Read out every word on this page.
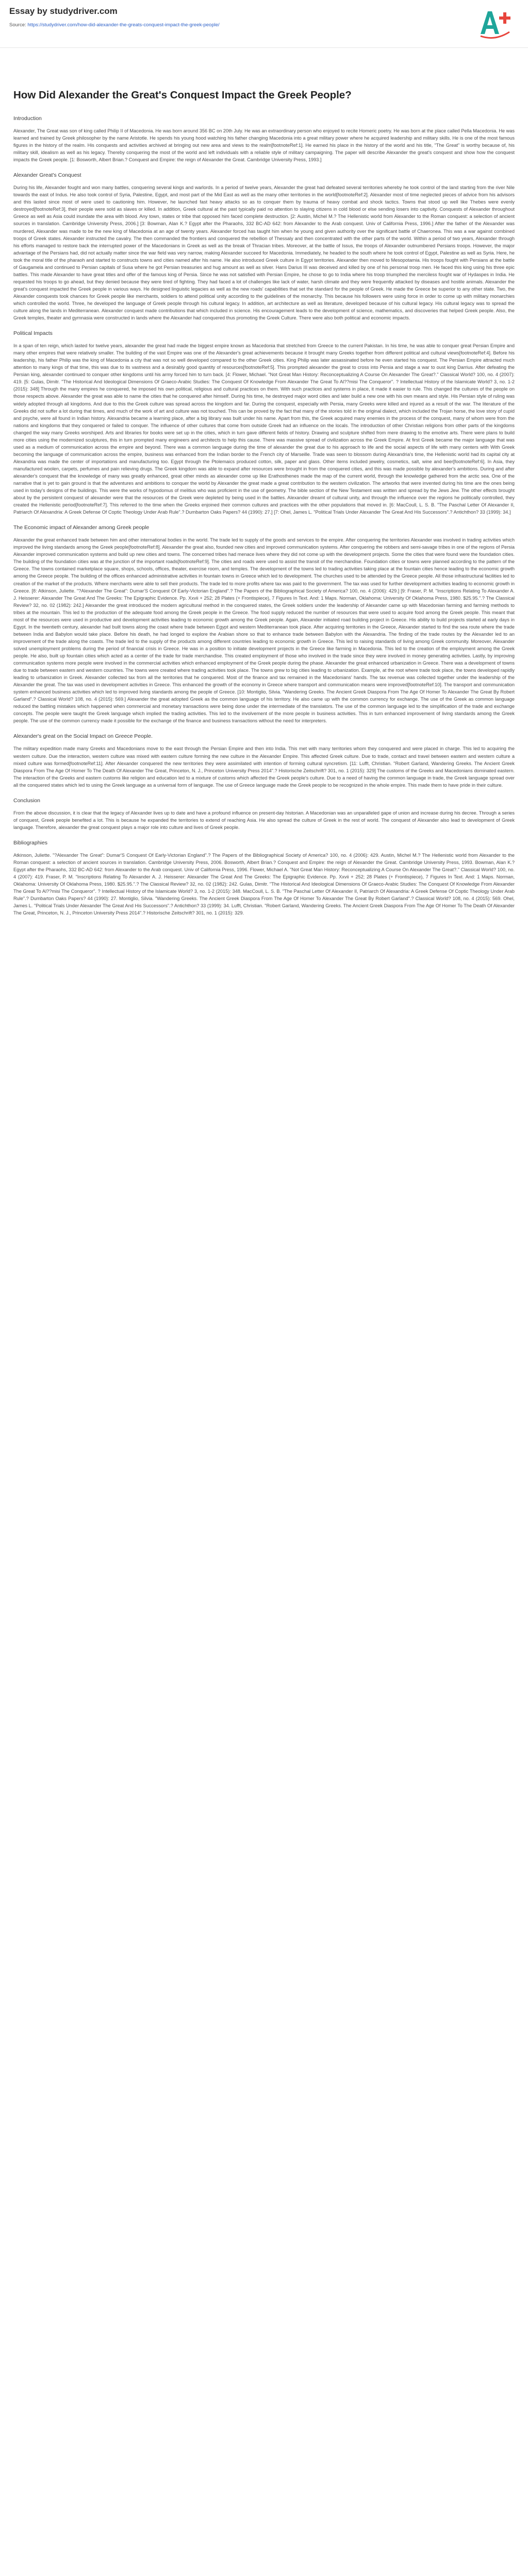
Essay by studydriver.com
Source: https://studydriver.com/how-did-alexander-the-greats-conquest-impact-the-greek-people/
How Did Alexander the Great's Conquest Impact the Greek People?
Introduction

Alexander, The Great was son of king called Philip II of Macedonia. He was born around 356 BC on 20th July. He was an extraordinary person who enjoyed to recite Homeric poetry. He was born at the place called Pella Macedonia. He was learned and trained by Greek philosopher by the name Aristotle. He spends his young hood watching his father changing Macedonia into a great military power where he acquired leadership and military skills. He is one of the most famous figures in the history of the realm. His conquests and activities archived at bringing out new area and views to the realm[footnoteRef:1]. He earned his place in the history of the world and his title, "The Great" is worthy because of, his military skill, idealism as well as his legacy. Thereby conquering the most of the world and left individuals with a reliable style of military campaigning. The paper will describe Alexander the great's conquest and show how the conquest impacts the Greek people. [1: Bosworth, Albert Brian.? Conquest and Empire: the reign of Alexander the Great. Cambridge University Press, 1993.]

Alexander Great's Conquest

During his life, Alexander fought and won many battles, conquering several kings and warlords. In a period of twelve years, Alexander the great had defeated several territories whereby he took control of the land starting from the river Nile towards the east of Indus. He also took control of Syria, Palestine, Egypt, and most part of the Mid East as well as the many other territories in the world[footnoteRef:2]. Alexander most of time neglected pieces of advice from his advisors and this lasted since most of were used to cautioning him. However, he launched fast heavy attacks so as to conquer them by trauma of heavy combat and shock tactics. Towns that stood up well like Thebes were evenly destroyed[footnoteRef:3], their people were sold as slaves or killed. In addition, Greek cultural at the past typically paid no attention to slaying citizens in cold blood or else sending losers into captivity. Conquests of Alexander throughout Greece as well as Asia could inundate the area with blood. Any town, states or tribe that opposed him faced complete destruction. [2: Austin, Michel M.? The Hellenistic world from Alexander to the Roman conquest: a selection of ancient sources in translation. Cambridge University Press, 2006.] [3: Bowman, Alan K.? Egypt after the Pharaohs, 332 BC-AD 642: from Alexander to the Arab conquest. Univ of California Press, 1996.] After the father of the Alexander was murdered, Alexander was made to be the new king of Macedonia at an age of twenty years. Alexander forced has taught him when he young and given authority over the significant battle of Chaeronea. This was a war against combined troops of Greek states. Alexander instructed the cavalry. The then commanded the frontiers and conquered the rebellion of Thessaly and then concentrated with the other parts of the world. Within a period of two years, Alexander through his efforts managed to restore back the interrupted power of the Macedonians in Greek as well as the break of Thracian tribes. Moreover, at the battle of Issus, the troops of Alexander outnumbered Persians troops. However, the major advantage of the Persians had, did not actually matter since the war field was very narrow, making Alexander succeed for Macedonia. Immediately, he headed to the south where he took control of Egypt, Palestine as well as Syria. Here, he took the moral title of the pharaoh and started to constructs towns and cities named after his name. He also introduced Greek culture in Egypt territories. Alexander then moved to Mesopotamia. His troops fought with Persians at the battle of Gaugamela and continued to Persian capitals of Susa where he got Persian treasuries and hug amount as well as silver. Hans Darius III was deceived and killed by one of his personal troop men. He faced this king using his three epic battles. This made Alexander to have great titles and offer of the famous king of Persia. Since he was not satisfied with Persian Empire, he chose to go to India where his troop triumphed the merciless fought war of Hydaspes in India. He requested his troops to go ahead, but they denied because they were tired of fighting. They had faced a lot of challenges like lack of water, harsh climate and they were frequently attacked by diseases and hostile animals. Alexander the great's conquest impacted the Greek people in various ways. He designed linguistic legacies as well as the new roads' capabilities that set the standard for the people of Greek. He made the Greece be superior to any other state. Two, the Alexander conquests took chances for Greek people like merchants, soldiers to attend political unity according to the guidelines of the monarchy. This because his followers were using force in order to come up with military monarchies which controlled the world. Three, he developed the language of Greek people through his cultural legacy. In addition, art architecture as well as literature, developed because of his cultural legacy. His cultural legacy was to spread the culture along the lands in Mediterranean. Alexander conquest made contributions that which included in science. His encouragement leads to the development of science, mathematics, and discoveries that helped Greek people. Also, the Greek temples, theater and gymnasia were constructed in lands where the Alexander had conquered thus promoting the Greek Culture. There were also both political and economic impacts.

Political Impacts

In a span of ten reign, which lasted for twelve years, alexander the great had made the biggest empire known as Macedonia that stretched from Greece to the current Pakistan. In his time, he was able to conquer great Persian Empire and many other empires that were relatively smaller. The building of the vast Empire was one of the Alexander's great achievements because it brought many Greeks together from different political and cultural views[footnoteRef:4]. Before his leadership, his father Philip was the king of Macedonia a city that was not so well developed compared to the other Greek cities. King Philip was later assassinated before he even started his conquest. The Persian Empire attracted much attention to many kings of that time, this was due to its vastness and a desirably good quantity of resources[footnoteRef:5]. This prompted alexander the great to cross into Persia and stage a war to oust king Darrius. After defeating the Persian king, alexander continued to conquer other kingdoms until his army forced him to turn back. [4: Flower, Michael. "Not Great Man History: Reconceptualizing A Course On Alexander The Great?." Classical World? 100, no. 4 (2007): 419. [5: Gulas, Dimitr. "The Historical And Ideological Dimensions Of Graeco-Arabic Studies: The Conquest Of Knowledge From Alexander The Great To Al??misi The Conqueror". ? Intellectual History of the Islamicate World? 3, no. 1-2 (2015): 348] Through the many empires he conquered, he imposed his own political, religious and cultural practices on them. With such practices and systems in place, it made it easier to rule. This changed the cultures of the people on those respects above. Alexander the great was able to name the cities that he conquered after himself. During his time, he destroyed major word cities and later build a new one with his own means and style. His Persian style of ruling was widely adopted through all kingdoms. And due to this the Greek culture was spread across the kingdom and far. During the conquest, especially with Persia, many Greeks were killed and injured as a result of the war. The literature of the Greeks did not suffer a lot during that times, and much of the work of art and culture was not touched. This can be proved by the fact that many of the stories told in the original dialect, which included the Trojan horse, the love story of cupid and psyche, were all found in Indian history. Alexandria became a learning place, after a big library was built under his name. Apart from this, the Greek acquired many enemies in the process of the conquest, many of whom were from the nations and kingdoms that they conquered or failed to conquer. The influence of other cultures that come from outside Greek had an influence on the locals. The introduction of other Christian religions from other parts of the kingdoms changed the way many Greeks worshiped. Arts and libraries for books were set up in the cities, which in turn gave different fields of history. Drawing and sculpture shifted from mere drawing to the emotive arts. There were plans to build more cities using the modernized sculptures, this in turn prompted many engineers and architects to help this cause. There was massive spread of civilization across the Greek Empire. At first Greek became the major language that was used as a medium of communication across the empire and beyond. There was a common language during the time of alexander the great due to his approach to life and the social aspects of life with many centers with With Greek becoming the language of communication across the empire, business was enhanced from the Indian border to the French city of Marseille. Trade was seen to blossom during Alexandria's time, the Hellenistic world had its capital city at Alexandria was made the center of importations and manufacturing too. Egypt through the Ptolemaics produced cotton, silk, paper and glass. Other items included jewelry, cosmetics, salt, wine and beer[footnoteRef:6]. In Asia, they manufactured woolen, carpets, perfumes and pain relieving drugs. The Greek kingdom was able to expand after resources were brought in from the conquered cities, and this was made possible by alexander's ambitions. During and after alexander's conquest that the knowledge of many was greatly enhanced, great other minds as alexander come up like Erathosthenes made the map of the current world, through the knowledge gathered from the arctic sea. One of the narrative that is yet to gain ground is that the adventures and ambitions to conquer the world by Alexander the great made a great contribution to the western civilization. The artworks that were invented during his time are the ones being used in today's designs of the buildings. This were the works of hypodomus of melitius who was proficient in the use of geometry. The bible section of the New Testament was written and spread by the Jews Jew. The other effects brought about by the persistent conquest of alexander were that the resources of the Greek were depleted by being used in the battles. Alexander dreamt of cultural unity, and through the influence over the regions he politically controlled, they created the Hellenistic period[footnoteRef:7]. This referred to the time when the Greeks enjoined their common cultures and practices with the other populations that moved in. [6: MacCoull, L. S. B. "The Paschal Letter Of Alexander II, Patriarch Of Alexandria: A Greek Defense Of Coptic Theology Under Arab Rule".? Dumbarton Oaks Papers? 44 (1990): 27.] [7: Ohel, James L. "Political Trials Under Alexander The Great And His Successors".? Antichthon? 33 (1999): 34.]

The Economic impact of Alexander among Greek people

Alexander the great enhanced trade between him and other international bodies in the world. The trade led to supply of the goods and services to the empire. After conquering the territories Alexander was involved in trading activities which improved the living standards among the Greek people[footnoteRef:8]. Alexander the great also, founded new cities and improved communication systems. After conquering the robbers and semi-savage tribes in one of the regions of Persia Alexander improved communication systems and build up new cities and towns. The concerned tribes had menace lives where they did not come up with the development projects. Some the cities that were found were the foundation cities. The building of the foundation cities was at the junction of the important roads[footnoteRef:9]. The cities and roads were used to assist the transit of the merchandise. Foundation cities or towns were planned according to the pattern of the Greece. The towns contained marketplace square, shops, schools, offices, theater, exercise room, and temples. The development of the towns led to trading activities taking place at the fountain cities hence leading to the economic growth among the Greece people. The building of the offices enhanced administrative activities in fountain towns in Greece which led to development. The churches used to be attended by the Greece people. All those infrastructural facilities led to creation of the market of the products. Where merchants were able to sell their products. The trade led to more profits where tax was paid to the government. The tax was used for further development activities leading to economic growth in Greece. [8: Atkinson, Juliette. "?Alexander The Great": Dumar'S Conquest Of Early-Victorian England".? The Papers of the Bibliographical Society of America? 100, no. 4 (2006): 429.] [9: Fraser, P. M. "Inscriptions Relating To Alexander A. J. Heisserer: Alexander The Great And The Greeks: The Epigraphic Evidence. Pp. Xxvii + 252; 28 Plates (+ Frontispiece), 7 Figures In Text. And: 1 Maps. Norman, Oklahoma: University Of Oklahoma Press, 1980. $25.95.".? The Classical Review? 32, no. 02 (1982): 242.] Alexander the great introduced the modern agricultural method in the conquered states, the Greek soldiers under the leadership of Alexander came up with Macedonian farming and farming methods to tribes at the mountain. This led to the production of the adequate food among the Greek people in the Greece. The food supply reduced the number of resources that were used to acquire food among the Greek people. This meant that most of the resources were used in productive and development activities leading to economic growth among the Greek people. Again, Alexander initiated road building project in Greece. His ability to build projects started at early days in Egypt. In the twentieth century, alexander had built towns along the coast where trade between Egypt and western Mediterranean took place. After acquiring territories in the Greece, Alexander started to find the sea route where the trade between India and Babylon would take place. Before his death, he had longed to explore the Arabian shore so that to enhance trade between Babylon with the Alexandria. The finding of the trade routes by the Alexander led to an improvement of the trade along the coasts. The trade led to the supply of the products among different countries leading to economic growth in Greece. This led to raising standards of living among Greek community. Moreover, Alexander solved unemployment problems during the period of financial crisis in Greece. He was in a position to initiate development projects in the Greece like farming in Macedonia. This led to the creation of the employment among the Greek people. He also, built up fountain cities which acted as a center of the trade for trade merchandise. This created employment of those who involved in the trade since they were involved in money generating activities. Lastly, by improving communication systems more people were involved in the commercial activities which enhanced employment of the Greek people during the phase. Alexander the great enhanced urbanization in Greece. There was a development of towns due to trade between eastern and western countries. The towns were created where trading activities took place. The towns grew to big cities leading to urbanization. Example, at the root where trade took place, the towns developed rapidly leading to urbanization in Greek. Alexander collected tax from all the territories that he conquered. Most of the finance and tax remained in the Macedonians' hands. The tax revenue was collected together under the leadership of the Alexander the great. The tax was used in development activities in Greece. This enhanced the growth of the economy in Greece where transport and communication means were improved[footnoteRef:10]. The transport and communication system enhanced business activities which led to improved living standards among the people of Greece. [10: Montiglio, Silvia. "Wandering Greeks. The Ancient Greek Diaspora From The Age Of Homer To Alexander The Great By Robert Garland".? Classical World? 108, no. 4 (2015): 569.] Alexander the great adopted Greek as the common language of his territory. He also came up with the common currency for exchange. The use of the Greek as common language reduced the battling mistakes which happened when commercial and monetary transactions were being done under the intermediate of the translators. The use of the common language led to the simplification of the trade and exchange concepts. The people were taught the Greek language which implied the trading activities. This led to the involvement of the more people in business activities. This in turn enhanced improvement of living standards among the Greek people. The use of the common currency made it possible for the exchange of the finance and business transactions without the need for interpreters.

Alexander's great on the Social Impact on Greece People.

The military expedition made many Greeks and Macedonians move to the east through the Persian Empire and then into India. This met with many territories whom they conquered and were placed in charge. This led to acquiring the western culture. Due the interaction, western culture was mixed with eastern culture forming the new culture in the Alexander Empire. This affected Greek culture. Due to trade, contact and travel between eastern and western culture a mixed culture was formed[footnoteRef:11]. After Alexander conquered the new territories they were assimilated with intention of forming cultural syncretism. [11: Lufft, Christian. "Robert Garland, Wandering Greeks. The Ancient Greek Diaspora From The Age Of Homer To The Death Of Alexander The Great, Princeton, N. J., Princeton University Press 2014".? Historische Zeitschrift? 301, no. 1 (2015): 329] The customs of the Greeks and Macedonians dominated eastern. The interaction of the Greeks and eastern customs like religion and education led to a mixture of customs which affected the Greek people's culture. Due to a need of having the common language in trade, the Greek language spread over all the conquered states which led to using the Greek language as a universal form of language. The use of Greece language made the Greek people to be recognized in the whole empire. This made them to have pride in their culture.

Conclusion

From the above discussion, it is clear that the legacy of Alexander lives up to date and have a profound influence on present-day historian. A Macedonian was an unparalleled gape of union and increase during his decree. Through a series of conquest, Greek people benefited a lot. This is because he expanded the territories to extend of reaching Asia. He also spread the culture of Greek in the rest of world. The conquest of Alexander also lead to development of Greek language. Therefore, alexander the great conquest plays a major role into culture and lives of Greek people.

Bibliographies

Atkinson, Juliette. "?Alexander The Great": Dumar'S Conquest Of Early-Victorian England".? The Papers of the Bibliographical Society of America? 100, no. 4 (2006): 429. Austin, Michel M.? The Hellenistic world from Alexander to the Roman conquest: a selection of ancient sources in translation. Cambridge University Press, 2006. Bosworth, Albert Brian.? Conquest and Empire: the reign of Alexander the Great. Cambridge University Press, 1993. Bowman, Alan K.? Egypt after the Pharaohs, 332 BC-AD 642: from Alexander to the Arab conquest. Univ of California Press, 1996. Flower, Michael A. "Not Great Man History: Reconceptualizing A Course On Alexander The Great?." Classical World? 100, no. 4 (2007): 419. Fraser, P. M. "Inscriptions Relating To Alexander A. J. Heisserer: Alexander The Great And The Greeks: The Epigraphic Evidence. Pp. Xxvii + 252; 28 Plates (+ Frontispiece), 7 Figures In Text. And: 1 Maps. Norman, Oklahoma: University Of Oklahoma Press, 1980. $25.95.".? The Classical Review? 32, no. 02 (1982): 242. Gulas, Dimitr. "The Historical And Ideological Dimensions Of Graeco-Arabic Studies: The Conquest Of Knowledge From Alexander The Great To Al??misi The Conqueror". ? Intellectual History of the Islamicate World? 3, no. 1-2 (2015): 348. MacCoull, L. S. B. "The Paschal Letter Of Alexander II, Patriarch Of Alexandria: A Greek Defense Of Coptic Theology Under Arab Rule".? Dumbarton Oaks Papers? 44 (1990): 27. Montiglio, Silvia. "Wandering Greeks. The Ancient Greek Diaspora From The Age Of Homer To Alexander The Great By Robert Garland".? Classical World? 108, no. 4 (2015): 569. Ohel, James L. "Political Trials Under Alexander The Great And His Successors".? Antichthon? 33 (1999): 34. Lufft, Christian. "Robert Garland, Wandering Greeks. The Ancient Greek Diaspora From The Age Of Homer To The Death Of Alexander The Great, Princeton, N. J., Princeton University Press 2014".? Historische Zeitschrift? 301, no. 1 (2015): 329.
